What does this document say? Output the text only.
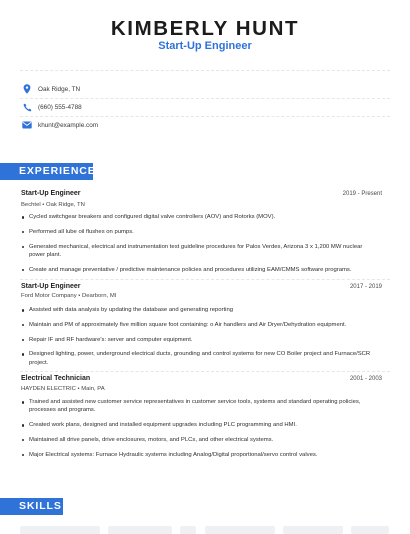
KIMBERLY HUNT
Start-Up Engineer
Oak Ridge, TN
(660) 555-4788
khunt@example.com
EXPERIENCE
Start-Up Engineer	2019 - Present
Bechtel • Oak Ridge, TN
Cycled switchgear breakers and configured digital valve controllers (AOV) and Rotorks (MOV).
Performed all lube oil flushes on pumps.
Generated mechanical, electrical and instrumentation test guideline procedures for Palos Verdes, Arizona 3 x 1,200 MW nuclear power plant.
Create and manage preventative / predictive maintenance policies and procedures utilizing EAM/CMMS software programs.
Start-Up Engineer	2017 - 2019
Ford Motor Company • Dearborn, MI
Assisted with data analysis by updating the database and generating reporting
Maintain and PM of approximately five million square foot containing: o Air handlers and Air Dryer/Dehydration equipment.
Repair IF and RF hardware's: server and computer equipment.
Designed lighting, power, underground electrical ducts, grounding and control systems for new CO Boiler project and Furnace/SCR project.
Electrical Technician	2001 - 2003
HAYDEN ELECTRIC • Main, PA
Trained and assisted new customer service representatives in customer service tools, systems and standard operating policies, processes and programs.
Created work plans, designed and installed equipment upgrades including PLC programming and HMI.
Maintained all drive panels, drive enclosures, motors, and PLCs, and other electrical systems.
Major Electrical systems: Furnace Hydraulic systems including Analog/Digital proportional/servo control valves.
SKILLS
